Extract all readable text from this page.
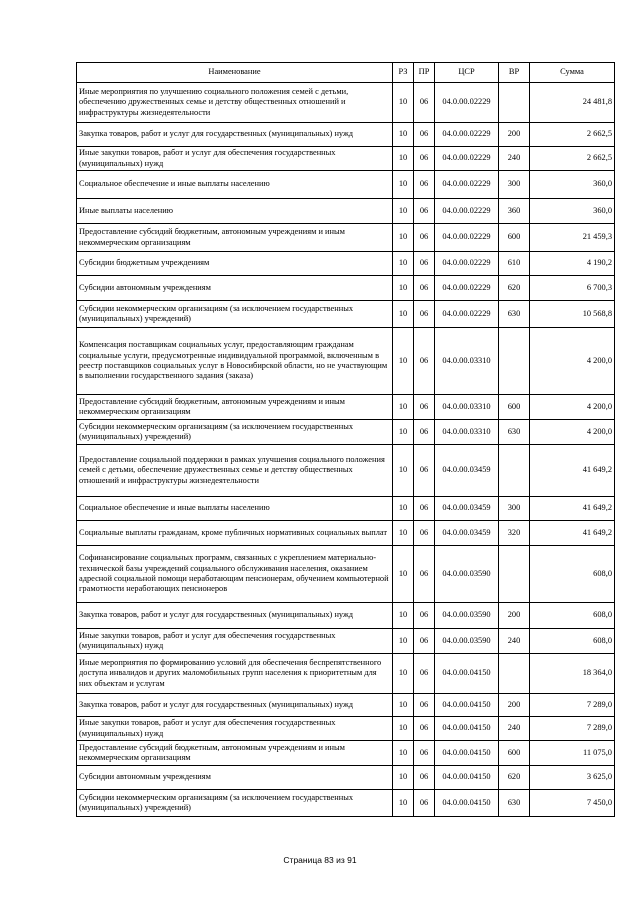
Наименование	РЗ	ПР	ЦСР	ВР	Сумма
Иные мероприятия по улучшению социального положения семей с детьми, обеспечению дружественных семье и детству общественных отношений и инфраструктуры жизнедеятельности	10	06	04.0.00.02229		24 481,8
Закупка товаров, работ и услуг для государственных (муниципальных) нужд	10	06	04.0.00.02229	200	2 662,5
Иные закупки товаров, работ и услуг для обеспечения государственных (муниципальных) нужд	10	06	04.0.00.02229	240	2 662,5
Социальное обеспечение и иные выплаты населению	10	06	04.0.00.02229	300	360,0
Иные выплаты населению	10	06	04.0.00.02229	360	360,0
Предоставление субсидий бюджетным, автономным учреждениям и иным некоммерческим организациям	10	06	04.0.00.02229	600	21 459,3
Субсидии бюджетным учреждениям	10	06	04.0.00.02229	610	4 190,2
Субсидии автономным учреждениям	10	06	04.0.00.02229	620	6 700,3
Субсидии некоммерческим организациям (за исключением государственных (муниципальных) учреждений)	10	06	04.0.00.02229	630	10 568,8
Компенсация поставщикам социальных услуг, предоставляющим гражданам социальные услуги, предусмотренные индивидуальной программой, включенным в реестр поставщиков социальных услуг в Новосибирской области, но не участвующим в выполнении государственного задания (заказа)	10	06	04.0.00.03310		4 200,0
Предоставление субсидий бюджетным, автономным учреждениям и иным некоммерческим организациям	10	06	04.0.00.03310	600	4 200,0
Субсидии некоммерческим организациям (за исключением государственных (муниципальных) учреждений)	10	06	04.0.00.03310	630	4 200,0
Предоставление социальной поддержки в рамках улучшения социального положения семей с детьми, обеспечение дружественных семье и детству общественных отношений и инфраструктуры жизнедеятельности	10	06	04.0.00.03459		41 649,2
Социальное обеспечение и иные выплаты населению	10	06	04.0.00.03459	300	41 649,2
Социальные выплаты гражданам, кроме публичных нормативных социальных выплат	10	06	04.0.00.03459	320	41 649,2
Софинансирование социальных программ, связанных с укреплением материально-технической базы учреждений социального обслуживания населения, оказанием адресной социальной помощи неработающим пенсионерам, обучением компьютерной грамотности неработающих пенсионеров	10	06	04.0.00.03590		608,0
Закупка товаров, работ и услуг для государственных (муниципальных) нужд	10	06	04.0.00.03590	200	608,0
Иные закупки товаров, работ и услуг для обеспечения государственных (муниципальных) нужд	10	06	04.0.00.03590	240	608,0
Иные мероприятия по формированию условий для обеспечения беспрепятственного доступа инвалидов и других маломобильных групп населения к приоритетным для них объектам и услугам	10	06	04.0.00.04150		18 364,0
Закупка товаров, работ и услуг для государственных (муниципальных) нужд	10	06	04.0.00.04150	200	7 289,0
Иные закупки товаров, работ и услуг для обеспечения государственных (муниципальных) нужд	10	06	04.0.00.04150	240	7 289,0
Предоставление субсидий бюджетным, автономным учреждениям и иным некоммерческим организациям	10	06	04.0.00.04150	600	11 075,0
Субсидии автономным учреждениям	10	06	04.0.00.04150	620	3 625,0
Субсидии некоммерческим организациям (за исключением государственных (муниципальных) учреждений)	10	06	04.0.00.04150	630	7 450,0
Страница 83 из 91
